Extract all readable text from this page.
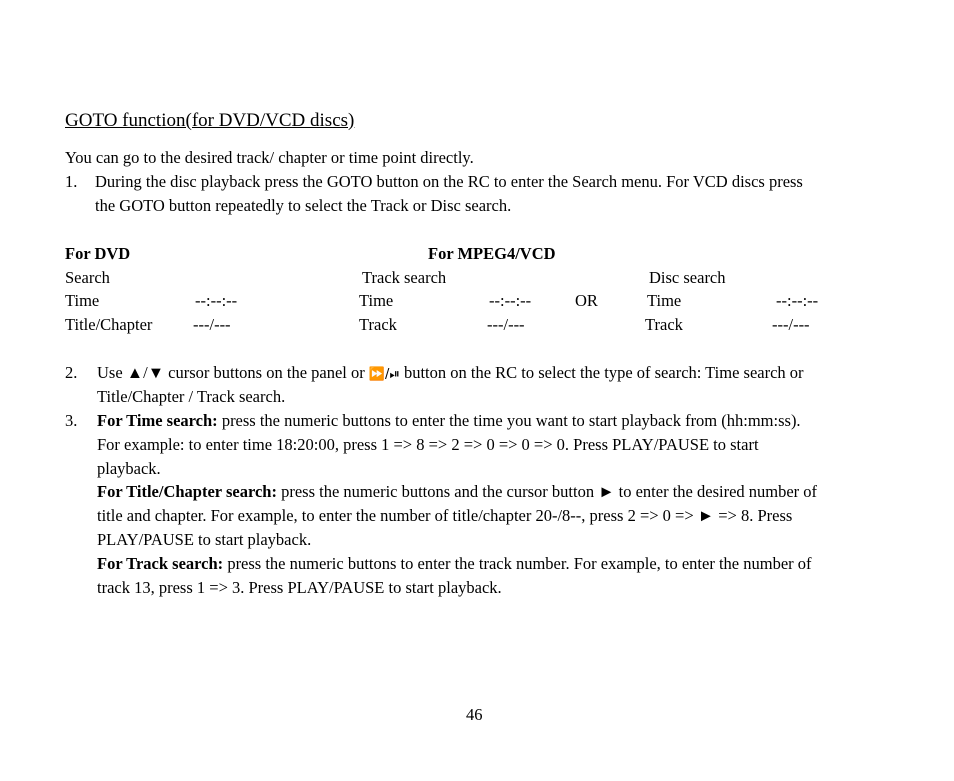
GOTO function(for DVD/VCD discs)
You can go to the desired track/ chapter or time point directly.
1. During the disc playback press the GOTO button on the RC to enter the Search menu. For VCD discs press
the GOTO button repeatedly to select the Track or Disc search.
For DVD	For MPEG4/VCD
Search	Track search	Disc search
Time	--:--:--	Time	--:--:--	OR	Time	--:--:--
Title/Chapter ---/---	Track	---/---	Track	---/---
2. Use ▲/▼ cursor buttons on the panel or ⏩/⏯ button on the RC to select the type of search: Time search or
Title/Chapter / Track search.
3. For Time search: press the numeric buttons to enter the time you want to start playback from (hh:mm:ss).
For example: to enter time 18:20:00, press 1 => 8 => 2 => 0 => 0 => 0. Press PLAY/PAUSE to start
playback.
For Title/Chapter search: press the numeric buttons and the cursor button ► to enter the desired number of
title and chapter. For example, to enter the number of title/chapter 20-/8--, press 2 => 0 => ► => 8. Press
PLAY/PAUSE to start playback.
For Track search: press the numeric buttons to enter the track number. For example, to enter the number of
track 13, press 1 => 3. Press PLAY/PAUSE to start playback.
46
